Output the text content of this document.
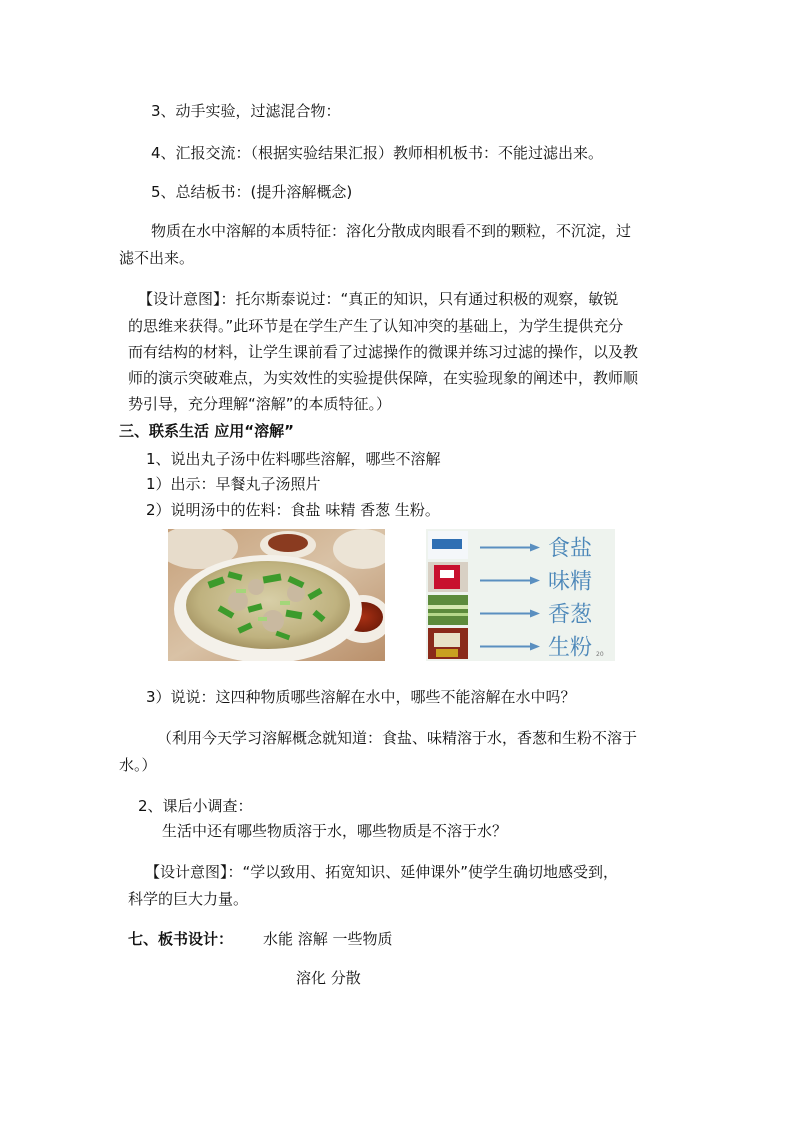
3、动手实验，过滤混合物：
4、汇报交流：（根据实验结果汇报）教师相机板书：不能过滤出来。
5、总结板书：(提升溶解概念)
物质在水中溶解的本质特征：溶化分散成肉眼看不到的颗粒，不沉淀，过
滤不出来。
【设计意图】：托尔斯泰说过：“真正的知识，只有通过积极的观察，敏锐
的思维来获得。”此环节是在学生产生了认知冲突的基础上，为学生提供充分
而有结构的材料，让学生课前看了过滤操作的微课并练习过滤的操作，以及教
师的演示突破难点，为实效性的实验提供保障，在实验现象的阐述中，教师顺
势引导，充分理解“溶解”的本质特征。）
三、联系生活 应用“溶解”
1、说出丸子汤中佐料哪些溶解，哪些不溶解
1）出示：早餐丸子汤照片
2）说明汤中的佐料：食盐 味精 香葱 生粉。
食盐
味精
香葱
生粉 20
3）说说：这四种物质哪些溶解在水中，哪些不能溶解在水中吗？
（利用今天学习溶解概念就知道：食盐、味精溶于水，香葱和生粉不溶于
水。）
2、课后小调查：
生活中还有哪些物质溶于水，哪些物质是不溶于水？
【设计意图】：“学以致用、拓宽知识、延伸课外”使学生确切地感受到，
科学的巨大力量。
七、板书设计： 水能 溶解 一些物质
溶化 分散
